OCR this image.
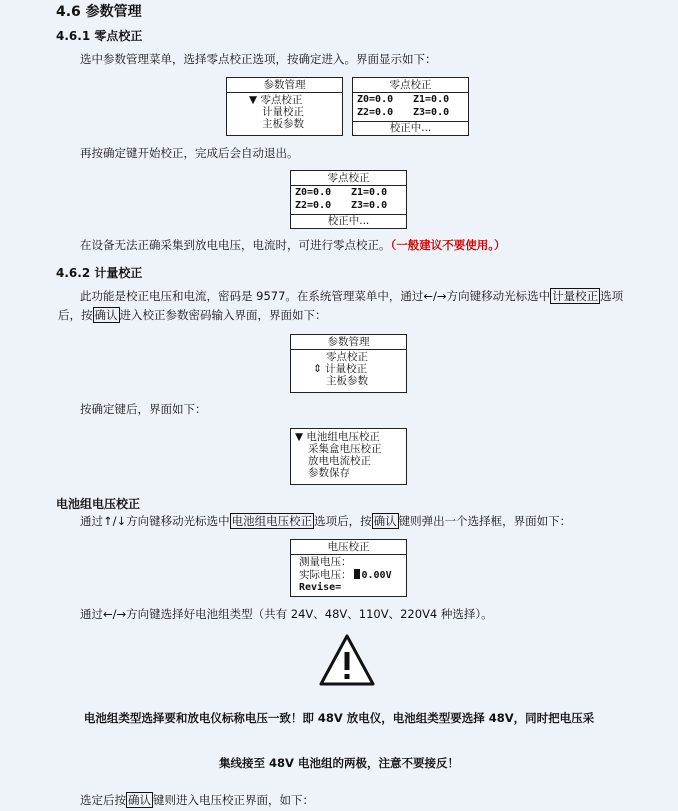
4.6 参数管理
4.6.1 零点校正
选中参数管理菜单，选择零点校正选项，按确定进入。界面显示如下：
参数管理
▼ 零点校正
计量校正
主板参数
零点校正
Z0=0.0 Z1=0.0
Z2=0.0 Z3=0.0
校正中...
再按确定键开始校正，完成后会自动退出。
零点校正
Z0=0.0 Z1=0.0
Z2=0.0 Z3=0.0
校正中...
在设备无法正确采集到放电电压，电流时，可进行零点校正。（一般建议不要使用。）
4.6.2 计量校正
此功能是校正电压和电流，密码是 9577。在系统管理菜单中，通过←/→方向键移动光标选中 计量校正 选项
后，按 确认 进入校正参数密码输入界面，界面如下：
参数管理
零点校正
⇕ 计量校正
主板参数
按确定键后，界面如下：
▼ 电池组电压校正
采集盒电压校正
放电电流校正
参数保存
电池组电压校正
通过↑/↓方向键移动光标选中 电池组电压校正 选项后，按 确认 键则弹出一个选择框，界面如下：
电压校正
测量电压：
实际电压： 0.00V
Revise=
通过←/→方向键选择好电池组类型（共有 24V、48V、110V、220V4 种选择）。
电池组类型选择要和放电仪标称电压一致！即 48V 放电仪，电池组类型要选择 48V，同时把电压采
集线接至 48V 电池组的两极，注意不要接反！
选定后按 确认 键则进入电压校正界面，如下：
